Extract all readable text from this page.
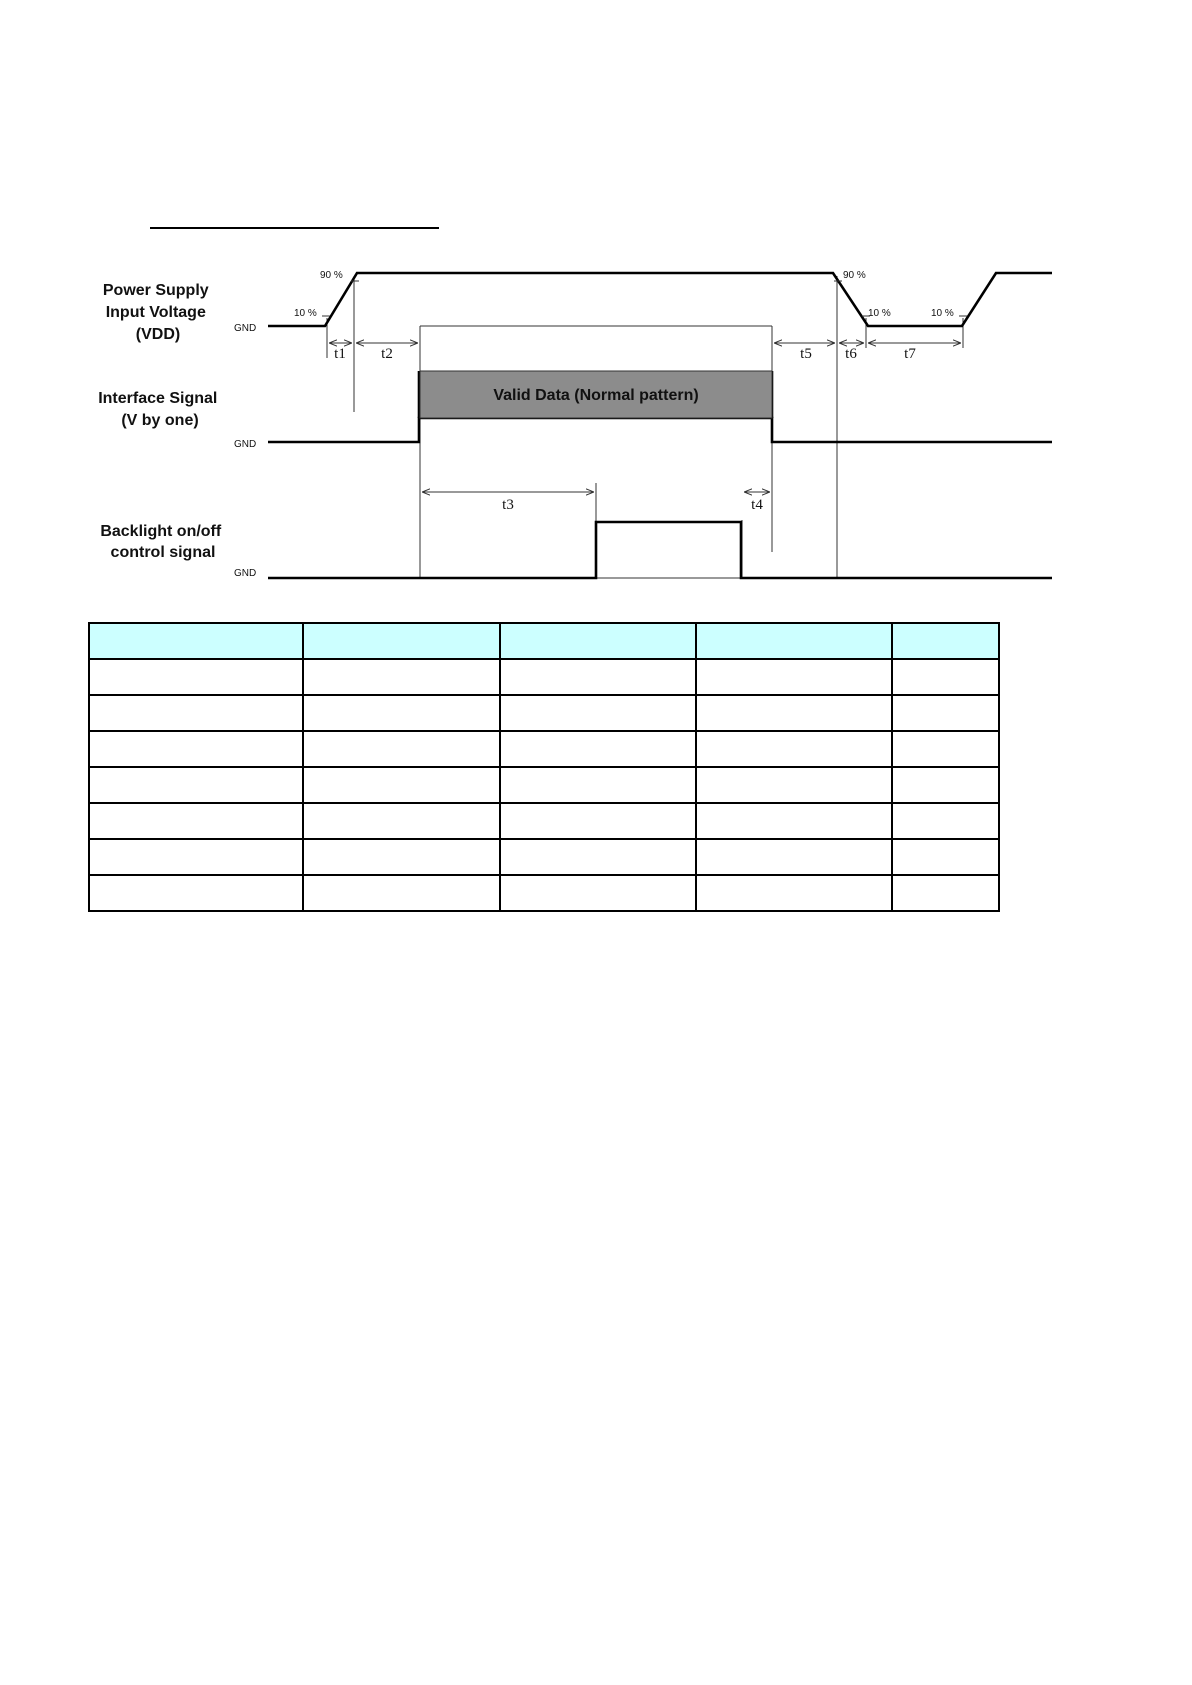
Power Supply Input Voltage (VDD)
Interface Signal (V by one)
Backlight on/off control signal
GND
GND
GND
90 %
10 %
90 %
10 %	10 %
Valid Data (Normal pattern)
t1 t2	t5 t6	t7
t3	t4
